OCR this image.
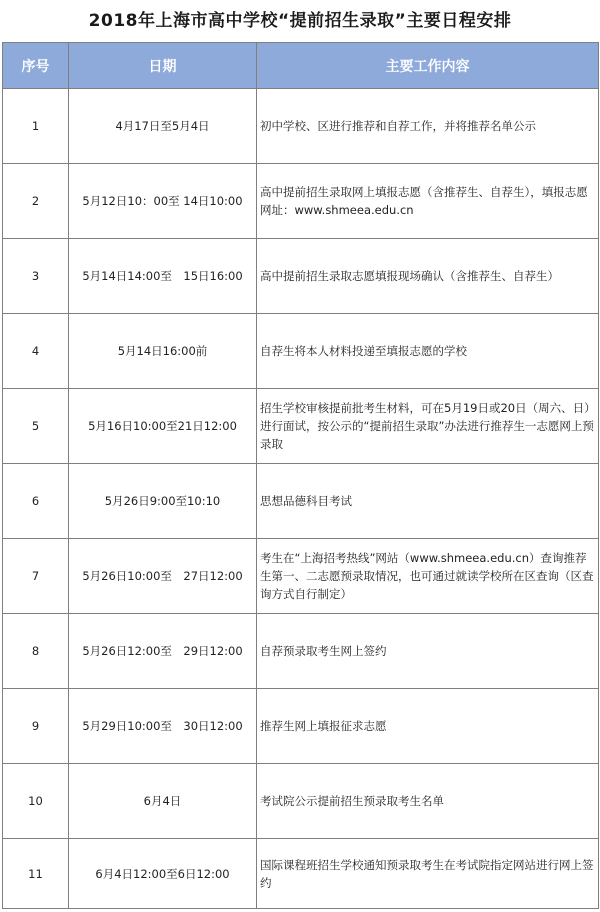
2018年上海市高中学校“提前招生录取”主要日程安排
序号	日期	主要工作内容
1	4月17日至5月4日	初中学校、区进行推荐和自荐工作，并将推荐名单公示
2	5月12日10：00至 14日10:00	高中提前招生录取网上填报志愿（含推荐生、自荐生），填报志愿网址：www.shmeea.edu.cn
3	5月14日14:00至　15日16:00	高中提前招生录取志愿填报现场确认（含推荐生、自荐生）
4	5月14日16:00前	自荐生将本人材料投递至填报志愿的学校
5	5月16日10:00至21日12:00	招生学校审核提前批考生材料，可在5月19日或20日（周六、日）进行面试，按公示的“提前招生录取”办法进行推荐生一志愿网上预录取
6	5月26日9:00至10:10	思想品德科目考试
7	5月26日10:00至　27日12:00	考生在“上海招考热线”网站（www.shmeea.edu.cn）查询推荐生第一、二志愿预录取情况，也可通过就读学校所在区查询（区查询方式自行制定）
8	5月26日12:00至　29日12:00	自荐预录取考生网上签约
9	5月29日10:00至　30日12:00	推荐生网上填报征求志愿
10	6月4日	考试院公示提前招生预录取考生名单
11	6月4日12:00至6日12:00	国际课程班招生学校通知预录取考生在考试院指定网站进行网上签约
